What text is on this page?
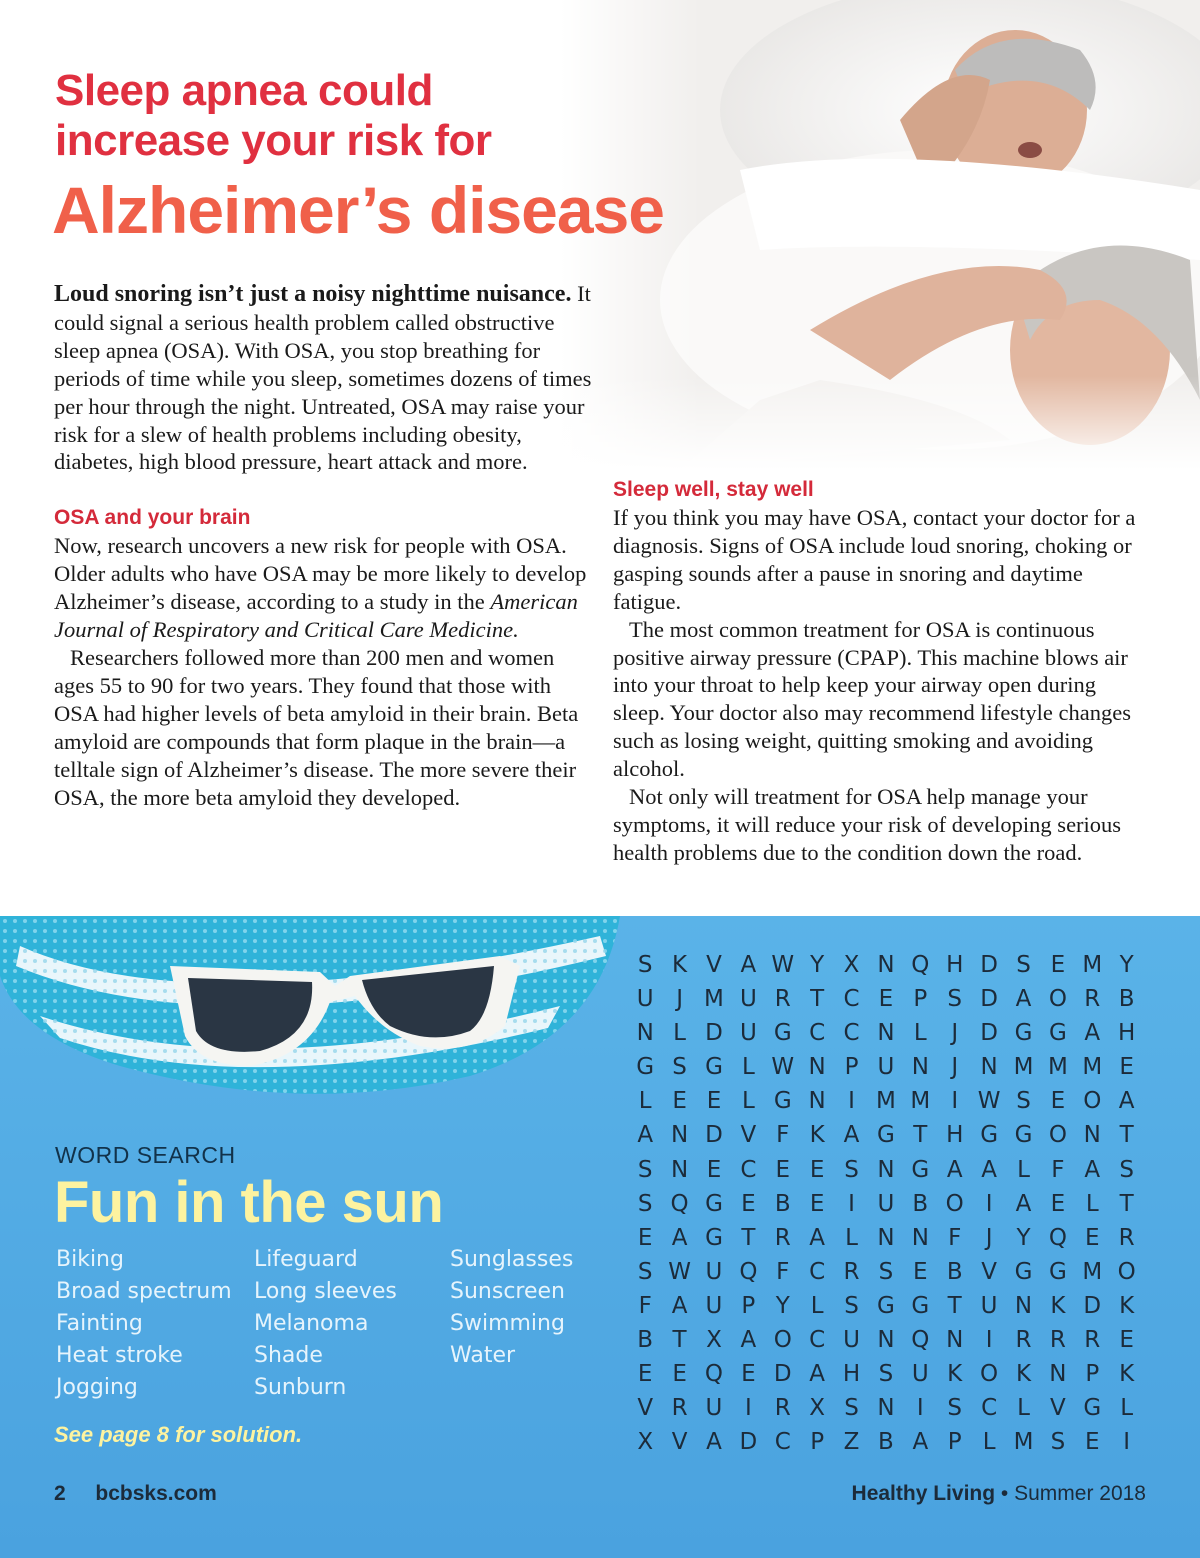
Sleep apnea could
increase your risk for
Alzheimer’s disease

Loud snoring isn’t just a noisy nighttime nuisance. It could signal a serious health problem called obstructive sleep apnea (OSA). With OSA, you stop breathing for periods of time while you sleep, sometimes dozens of times per hour through the night. Untreated, OSA may raise your risk for a slew of health problems including obesity, diabetes, high blood pressure, heart attack and more.

OSA and your brain

Now, research uncovers a new risk for people with OSA. Older adults who have OSA may be more likely to develop Alzheimer’s disease, according to a study in the American Journal of Respiratory and Critical Care Medicine.

Researchers followed more than 200 men and women ages 55 to 90 for two years. They found that those with OSA had higher levels of beta amyloid in their brain. Beta amyloid are compounds that form plaque in the brain—a telltale sign of Alzheimer’s disease. The more severe their OSA, the more beta amyloid they developed.

Sleep well, stay well

If you think you may have OSA, contact your doctor for a diagnosis. Signs of OSA include loud snoring, choking or gasping sounds after a pause in snoring and daytime fatigue.

The most common treatment for OSA is continuous positive airway pressure (CPAP). This machine blows air into your throat to help keep your airway open during sleep. Your doctor also may recommend lifestyle changes such as losing weight, quitting smoking and avoiding alcohol.

Not only will treatment for OSA help manage your symptoms, it will reduce your risk of developing serious health problems due to the condition down the road.

WORD SEARCH
Fun in the sun
Biking
Broad spectrum
Fainting
Heat stroke
Jogging
Lifeguard
Long sleeves
Melanoma
Shade
Sunburn
Sunglasses
Sunscreen
Swimming
Water
See page 8 for solution.
S K V A W Y X N Q H D S E M Y
U J M U R T C E P S D A O R B
N L D U G C C N L	J D G G A H
G S G L W N P U N J N M M M E
L E E L G N I M M I W S E O A
A N D V F K A G T H G G O N T
S N E C E E S N G A A L F A S
S Q G E B E	I U B O I	A E L T
E A G T R A L N N F	J	Y Q E R
S W U Q F C R S E B V G G M O
F A U P Y L S G G T U N K D K
B T X A O C U N Q N I	R R R E
E E Q E D A H S U K O K N P K
V R U I	R X S N I	S C L V G L
X V A D C P Z B A P L M S E	I
2 bcbsks.com	Healthy Living • Summer 2018
